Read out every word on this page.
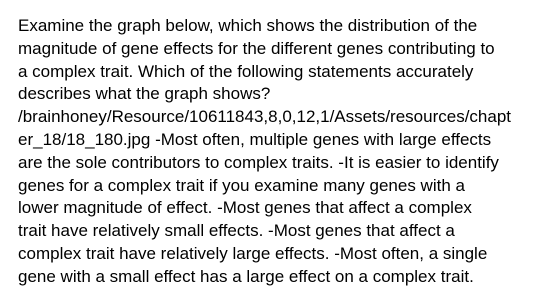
Examine the graph below, which shows the distribution of the
magnitude of gene effects for the different genes contributing to
a complex trait. Which of the following statements accurately
describes what the graph shows?
/brainhoney/Resource/10611843,8,0,12,1/Assets/resources/chapt
er_18/18_180.jpg -Most often, multiple genes with large effects
are the sole contributors to complex traits. -It is easier to identify
genes for a complex trait if you examine many genes with a
lower magnitude of effect. -Most genes that affect a complex
trait have relatively small effects. -Most genes that affect a
complex trait have relatively large effects. -Most often, a single
gene with a small effect has a large effect on a complex trait.
